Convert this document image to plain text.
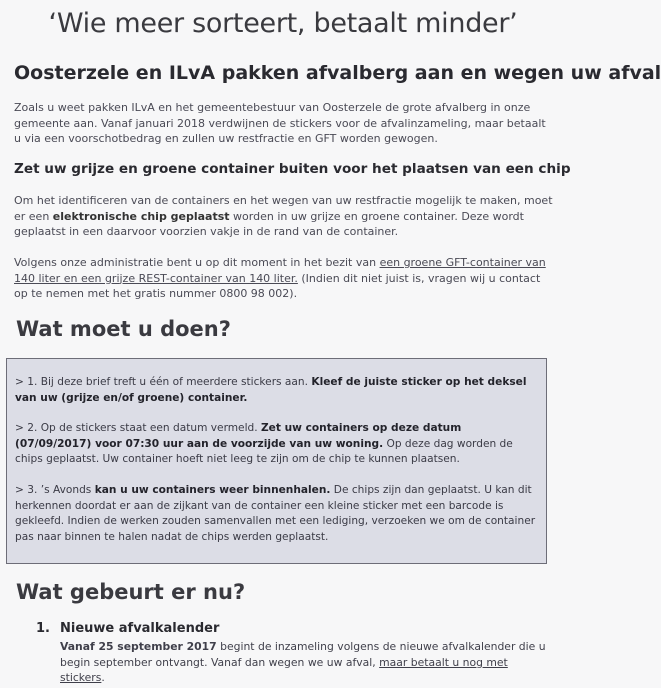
‘Wie meer sorteert, betaalt minder’
Oosterzele en ILvA pakken afvalberg aan en wegen uw afval
Zoals u weet pakken ILvA en het gemeentebestuur van Oosterzele de grote afvalberg in onze gemeente aan. Vanaf januari 2018 verdwijnen de stickers voor de afvalinzameling, maar betaalt u via een voorschotbedrag en zullen uw restfractie en GFT worden gewogen.
Zet uw grijze en groene container buiten voor het plaatsen van een chip
Om het identificeren van de containers en het wegen van uw restfractie mogelijk te maken, moet er een elektronische chip geplaatst worden in uw grijze en groene container. Deze wordt geplaatst in een daarvoor voorzien vakje in de rand van de container.
Volgens onze administratie bent u op dit moment in het bezit van een groene GFT-container van 140 liter en een grijze REST-container van 140 liter. (Indien dit niet juist is, vragen wij u contact op te nemen met het gratis nummer 0800 98 002).
Wat moet u doen?
> 1. Bij deze brief treft u één of meerdere stickers aan. Kleef de juiste sticker op het deksel van uw (grijze en/of groene) container.
> 2. Op de stickers staat een datum vermeld. Zet uw containers op deze datum (07/09/2017) voor 07:30 uur aan de voorzijde van uw woning. Op deze dag worden de chips geplaatst. Uw container hoeft niet leeg te zijn om de chip te kunnen plaatsen.
> 3. ’s Avonds kan u uw containers weer binnenhalen. De chips zijn dan geplaatst. U kan dit herkennen doordat er aan de zijkant van de container een kleine sticker met een barcode is gekleefd. Indien de werken zouden samenvallen met een lediging, verzoeken we om de container pas naar binnen te halen nadat de chips werden geplaatst.
Wat gebeurt er nu?
1. Nieuwe afvalkalender
Vanaf 25 september 2017 begint de inzameling volgens de nieuwe afvalkalender die u begin september ontvangt. Vanaf dan wegen we uw afval, maar betaalt u nog met stickers.
